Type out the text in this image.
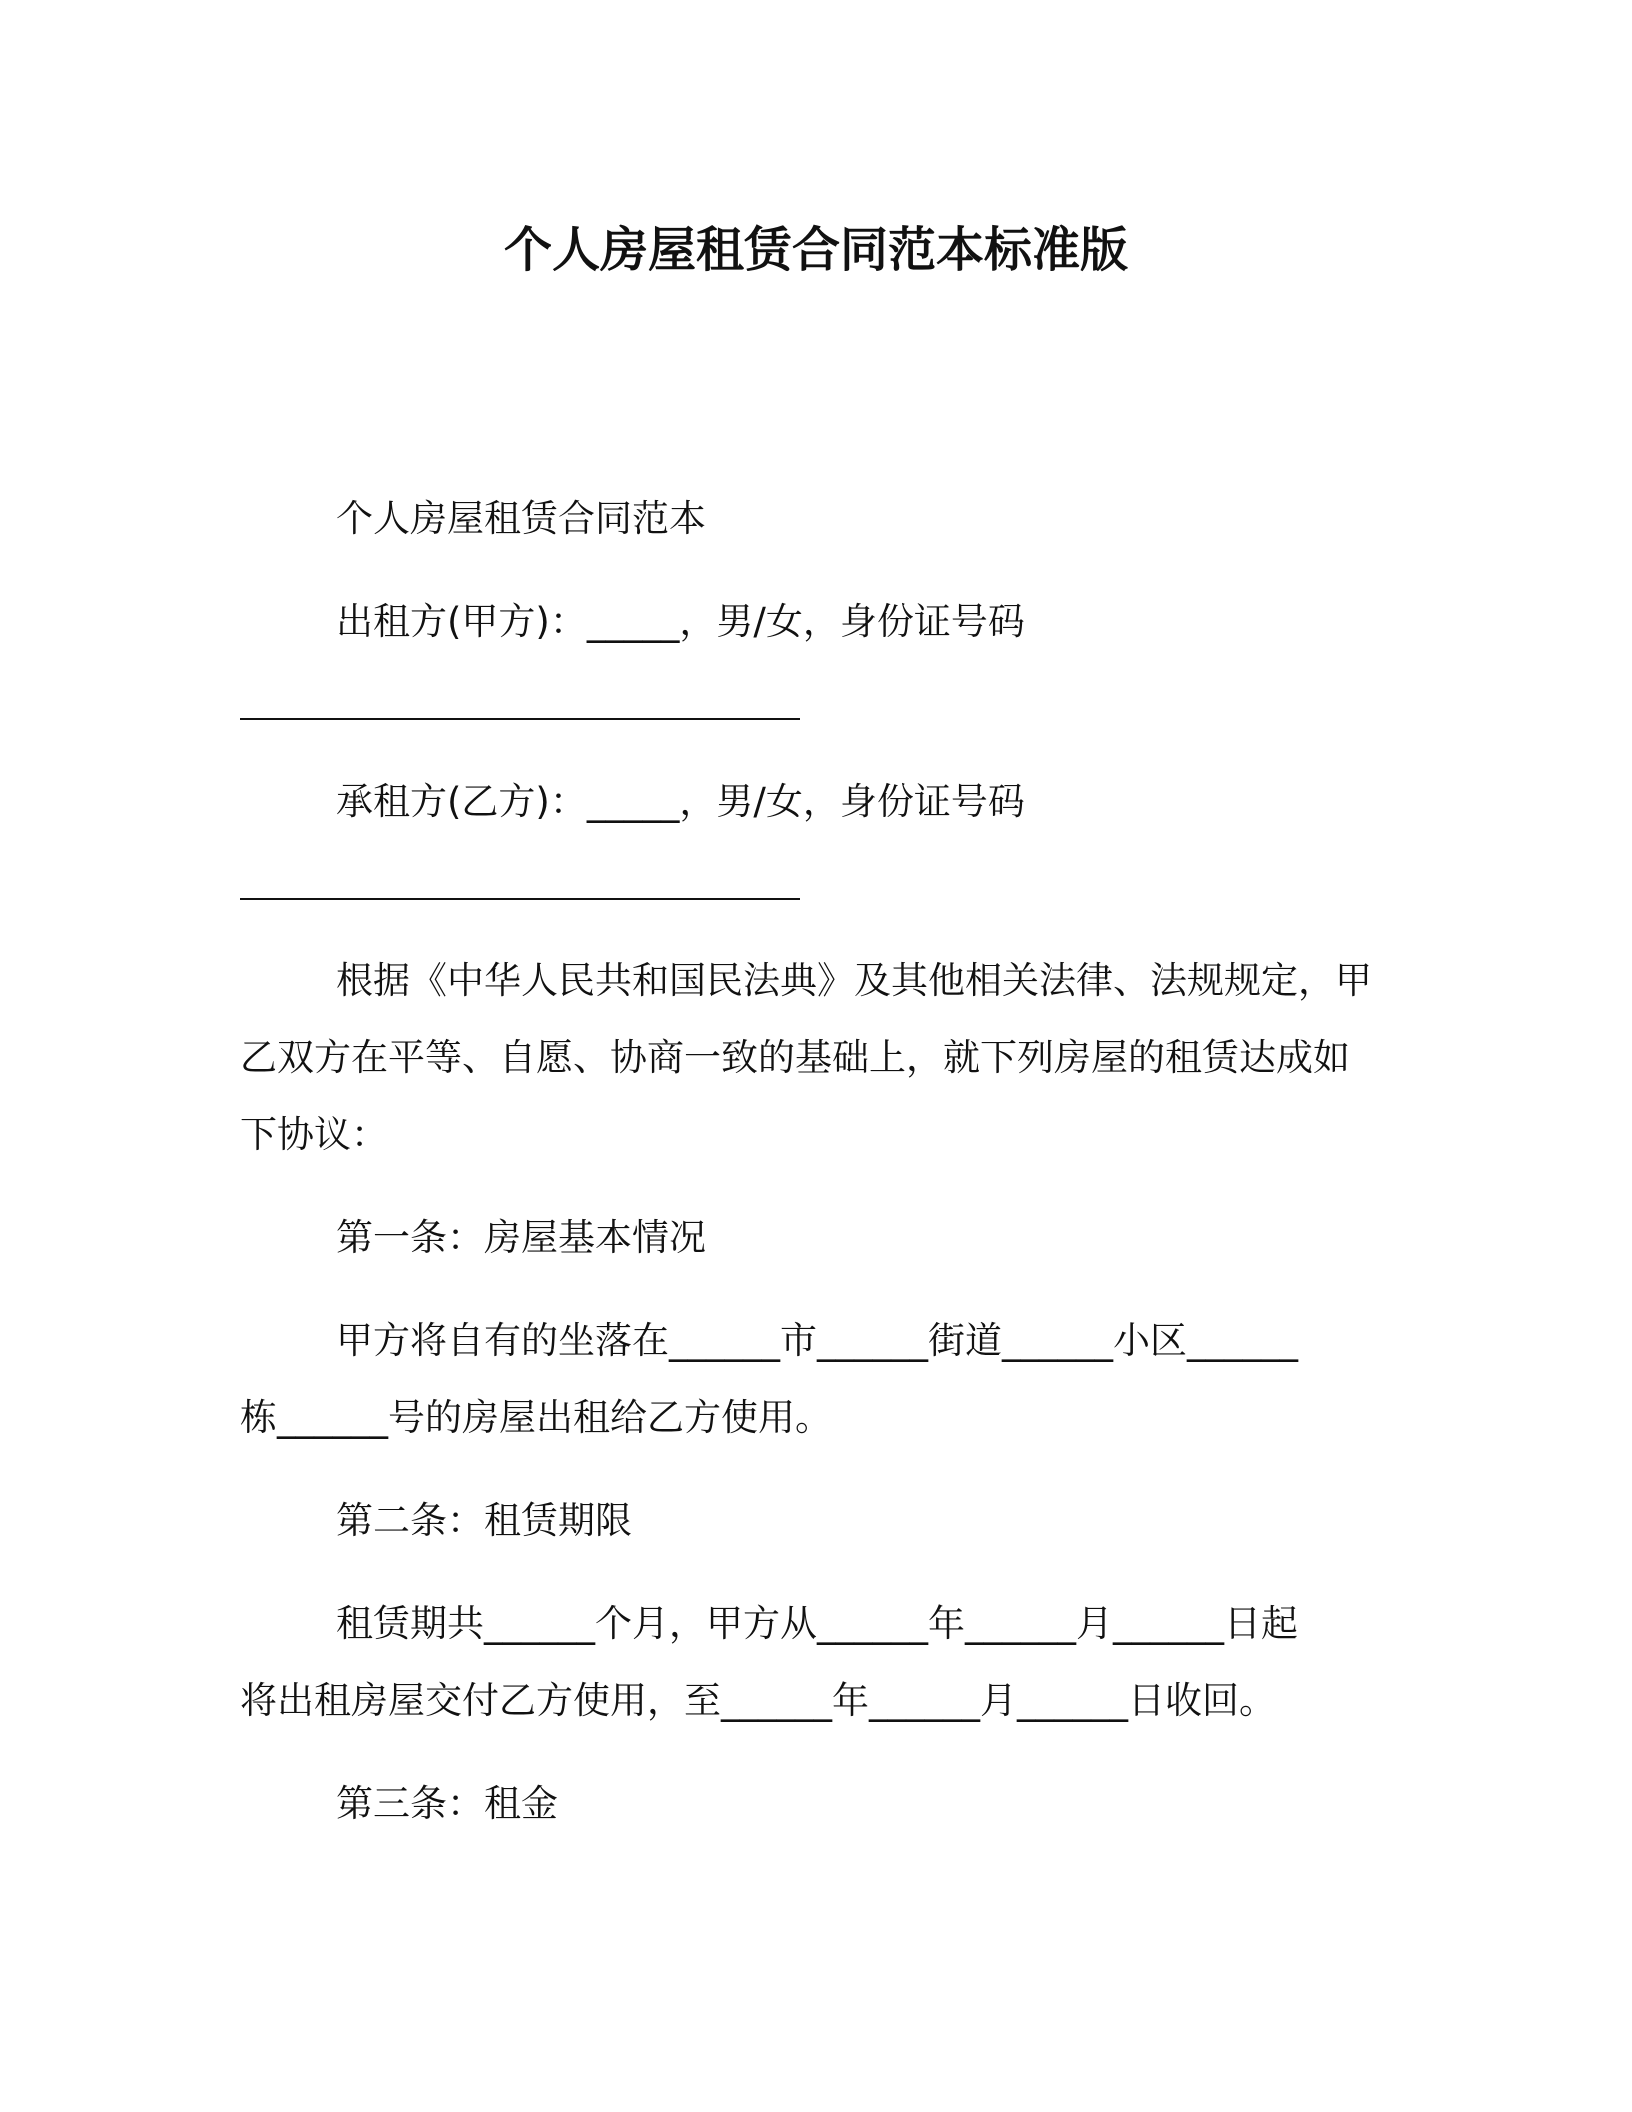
个人房屋租赁合同范本标准版
个人房屋租赁合同范本
出租方(甲方)：_____，男/女，身份证号码
承租方(乙方)：_____，男/女，身份证号码
根据《中华人民共和国民法典》及其他相关法律、法规规定，甲
乙双方在平等、自愿、协商一致的基础上，就下列房屋的租赁达成如
下协议：
第一条：房屋基本情况
甲方将自有的坐落在______市______街道______小区______
栋______号的房屋出租给乙方使用。
第二条：租赁期限
租赁期共______个月，甲方从______年______月______日起
将出租房屋交付乙方使用，至______年______月______日收回。
第三条：租金
